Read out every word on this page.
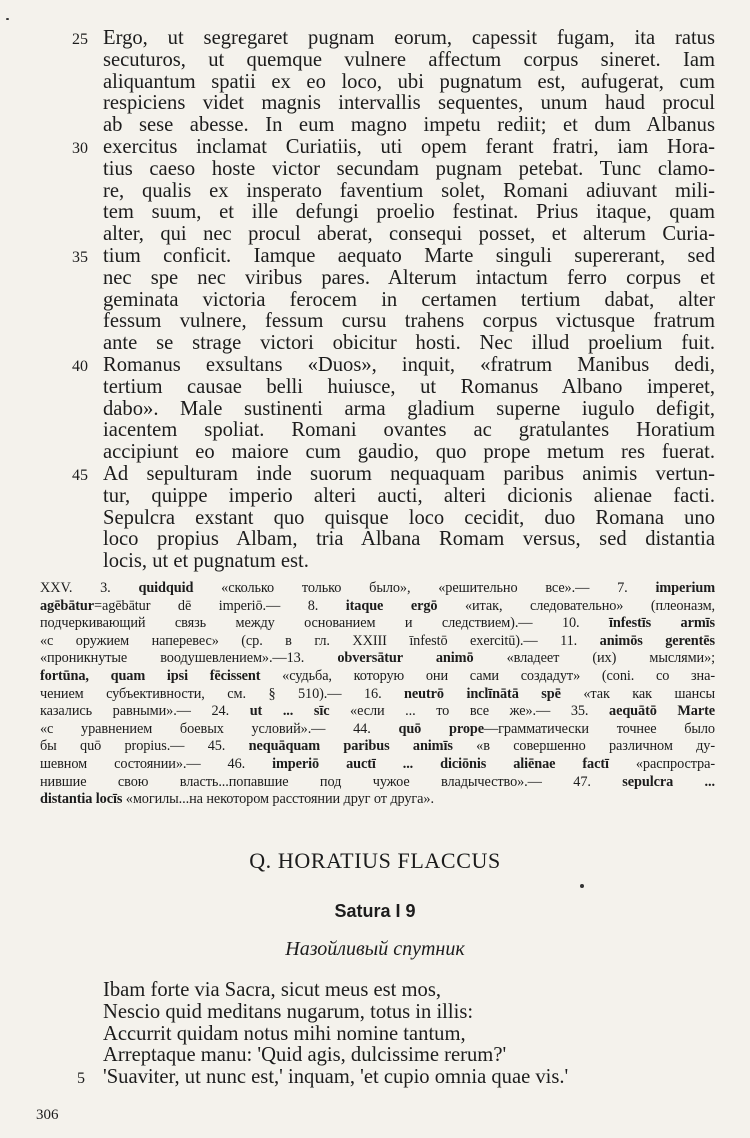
25 Ergo, ut segregaret pugnam eorum, capessit fugam, ita ratus
secuturos, ut quemque vulnere affectum corpus sineret. Iam
aliquantum spatii ex eo loco, ubi pugnatum est, aufugerat, cum
respiciens videt magnis intervallis sequentes, unum haud procul
ab sese abesse. In eum magno impetu rediit; et dum Albanus
30 exercitus inclamat Curiatiis, uti opem ferant fratri, iam Hora-
tius caeso hoste victor secundam pugnam petebat. Tunc clamo-
re, qualis ex insperato faventium solet, Romani adiuvant mili-
tem suum, et ille defungi proelio festinat. Prius itaque, quam
alter, qui nec procul aberat, consequi posset, et alterum Curia-
35 tium conficit. Iamque aequato Marte singuli supererant, sed
nec spe nec viribus pares. Alterum intactum ferro corpus et
geminata victoria ferocem in certamen tertium dabat, alter
fessum vulnere, fessum cursu trahens corpus victusque fratrum
ante se strage victori obicitur hosti. Nec illud proelium fuit.
40 Romanus exsultans «Duos», inquit, «fratrum Manibus dedi,
tertium causae belli huiusce, ut Romanus Albano imperet,
dabo». Male sustinenti arma gladium superne iugulo defigit,
iacentem spoliat. Romani ovantes ac gratulantes Horatium
accipiunt eo maiore cum gaudio, quo prope metum res fuerat.
45 Ad sepulturam inde suorum nequaquam paribus animis vertun-
tur, quippe imperio alteri aucti, alteri dicionis alienae facti.
Sepulcra exstant quo quisque loco cecidit, duo Romana uno
loco propius Albam, tria Albana Romam versus, sed distantia
locis, ut et pugnatum est.
XXV. 3. quidquid «сколько только было», «решительно все».— 7. imperium
agēbātur=agēbātur dē imperiō.— 8. itaque ergō «итак, следовательно» (плеоназм,
подчеркивающий связь между основанием и следствием).— 10. īnfestīs armīs
«с оружием наперевес» (ср. в гл. XXIII īnfestō exercitū).— 11. animōs gerentēs
«проникнутые воодушевлением».—13. obversātur animō «владеет (их) мыслями»;
fortūna, quam ipsi fēcissent «судьба, которую они сами создадут» (coni. со зна-
чением субъективности, см. § 510).— 16. neutrō inclīnātā spē «так как шансы
казались равными».— 24. ut ... sīc «если ... то все же».— 35. aequātō Marte
«с уравнением боевых условий».— 44. quō prope—грамматически точнее было
бы quō propius.— 45. nequāquam paribus animīs «в совершенно различном ду-
шевном состоянии».— 46. imperiō auctī ... diciōnis aliēnae factī «распростра-
нившие свою власть...попавшие под чужое владычество».— 47. sepulcra ...
distantia locīs «могилы...на некотором расстоянии друг от друга».
Q. HORATIUS FLACCUS
Satura I 9
Назойливый спутник
Ibam forte via Sacra, sicut meus est mos,
Nescio quid meditans nugarum, totus in illis:
Accurrit quidam notus mihi nomine tantum,
Arreptaque manu: 'Quid agis, dulcissime rerum?'
5 'Suaviter, ut nunc est,' inquam, 'et cupio omnia quae vis.'
306
